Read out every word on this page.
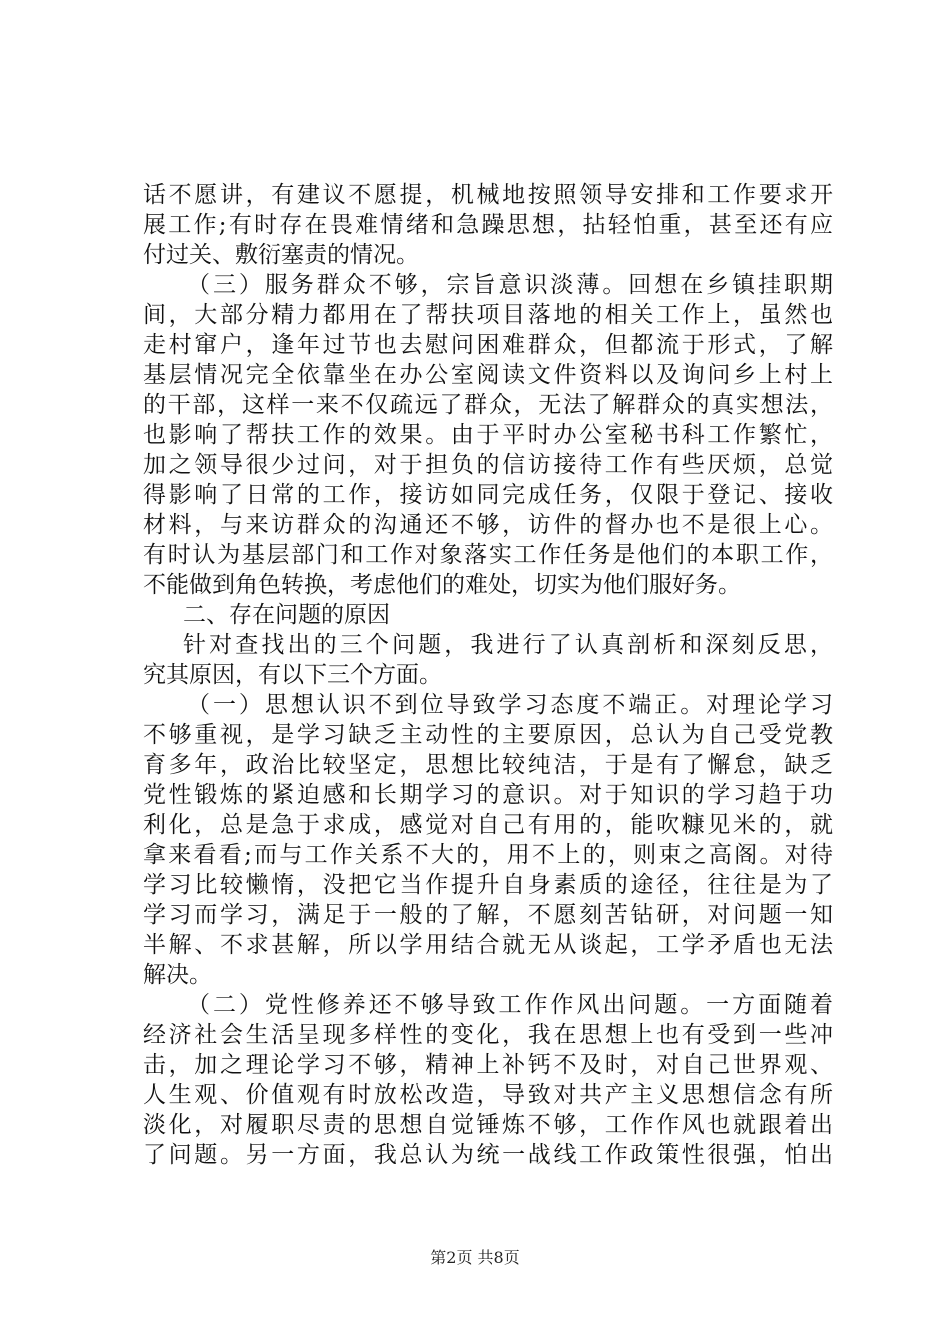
话不愿讲，有建议不愿提，机械地按照领导安排和工作要求开
展工作;有时存在畏难情绪和急躁思想，拈轻怕重，甚至还有应
付过关、敷衍塞责的情况。
（三）服务群众不够，宗旨意识淡薄。回想在乡镇挂职期
间，大部分精力都用在了帮扶项目落地的相关工作上，虽然也
走村窜户，逢年过节也去慰问困难群众，但都流于形式，了解
基层情况完全依靠坐在办公室阅读文件资料以及询问乡上村上
的干部，这样一来不仅疏远了群众，无法了解群众的真实想法，
也影响了帮扶工作的效果。由于平时办公室秘书科工作繁忙，
加之领导很少过问，对于担负的信访接待工作有些厌烦，总觉
得影响了日常的工作，接访如同完成任务，仅限于登记、接收
材料，与来访群众的沟通还不够，访件的督办也不是很上心。
有时认为基层部门和工作对象落实工作任务是他们的本职工作，
不能做到角色转换，考虑他们的难处，切实为他们服好务。
二、存在问题的原因
针对查找出的三个问题，我进行了认真剖析和深刻反思，
究其原因，有以下三个方面。
（一）思想认识不到位导致学习态度不端正。对理论学习
不够重视，是学习缺乏主动性的主要原因，总认为自己受党教
育多年，政治比较坚定，思想比较纯洁，于是有了懈怠，缺乏
党性锻炼的紧迫感和长期学习的意识。对于知识的学习趋于功
利化，总是急于求成，感觉对自己有用的，能吹糠见米的，就
拿来看看;而与工作关系不大的，用不上的，则束之高阁。对待
学习比较懒惰，没把它当作提升自身素质的途径，往往是为了
学习而学习，满足于一般的了解，不愿刻苦钻研，对问题一知
半解、不求甚解，所以学用结合就无从谈起，工学矛盾也无法
解决。
（二）党性修养还不够导致工作作风出问题。一方面随着
经济社会生活呈现多样性的变化，我在思想上也有受到一些冲
击，加之理论学习不够，精神上补钙不及时，对自己世界观、
人生观、价值观有时放松改造，导致对共产主义思想信念有所
淡化，对履职尽责的思想自觉锤炼不够，工作作风也就跟着出
了问题。另一方面，我总认为统一战线工作政策性很强，怕出
第2页 共8页
